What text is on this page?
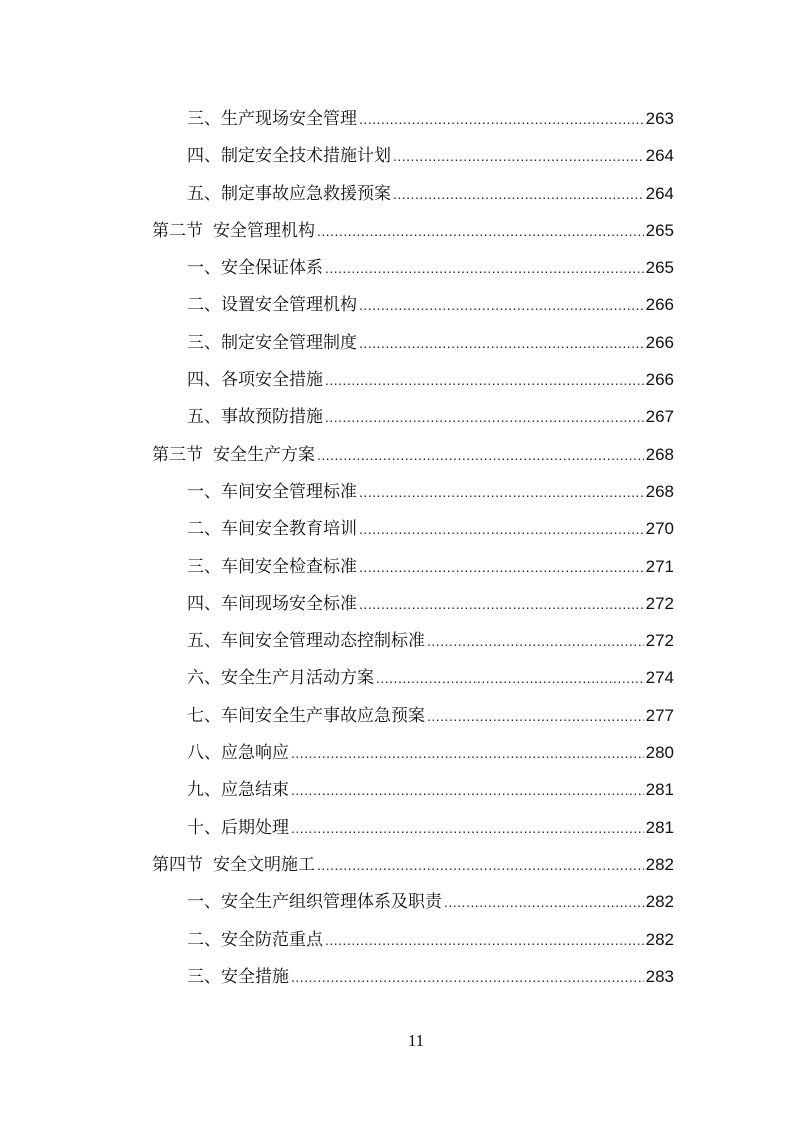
三、生产现场安全管理 .....	263
四、制定安全技术措施计划 .....	264
五、制定事故应急救援预案 .....	264
第二节 安全管理机构 .....	265
一、安全保证体系 .....	265
二、设置安全管理机构 .....	266
三、制定安全管理制度 .....	266
四、各项安全措施 .....	266
五、事故预防措施 .....	267
第三节 安全生产方案 .....	268
一、车间安全管理标准 .....	268
二、车间安全教育培训 .....	270
三、车间安全检查标准 .....	271
四、车间现场安全标准 .....	272
五、车间安全管理动态控制标准 .....	272
六、安全生产月活动方案 .....	274
七、车间安全生产事故应急预案 .....	277
八、应急响应 .....	280
九、应急结束 .....	281
十、后期处理 .....	281
第四节 安全文明施工 .....	282
一、安全生产组织管理体系及职责 .....	282
二、安全防范重点 .....	282
三、安全措施 .....	283
11
